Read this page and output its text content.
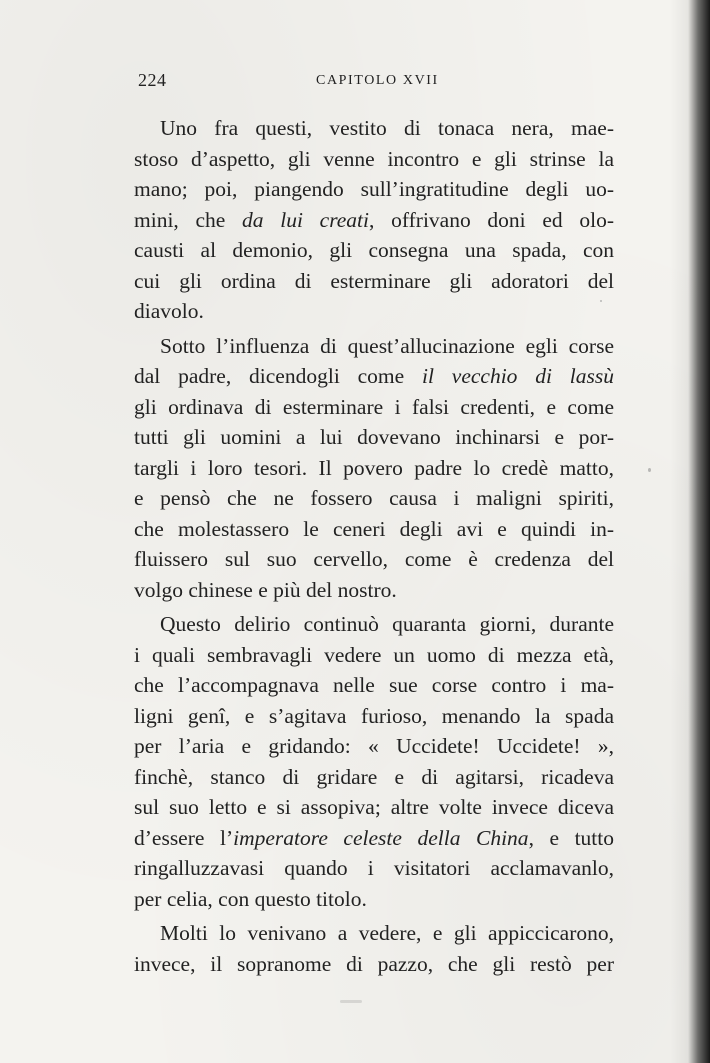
224	CAPITOLO XVII
Uno fra questi, vestito di tonaca nera, mae-
stoso d’aspetto, gli venne incontro e gli strinse la
mano; poi, piangendo sull’ingratitudine degli uo-
mini, che da lui creati, offrivano doni ed olo-
causti al demonio, gli consegna una spada, con
cui gli ordina di esterminare gli adoratori del
diavolo.
Sotto l’influenza di quest’allucinazione egli corse
dal padre, dicendogli come il vecchio di lassù
gli ordinava di esterminare i falsi credenti, e come
tutti gli uomini a lui dovevano inchinarsi e por-
targli i loro tesori. Il povero padre lo credè matto,
e pensò che ne fossero causa i maligni spiriti,
che molestassero le ceneri degli avi e quindi in-
fluissero sul suo cervello, come è credenza del
volgo chinese e più del nostro.
Questo delirio continuò quaranta giorni, durante
i quali sembravagli vedere un uomo di mezza età,
che l’accompagnava nelle sue corse contro i ma-
ligni genî, e s’agitava furioso, menando la spada
per l’aria e gridando: « Uccidete! Uccidete! »,
finchè, stanco di gridare e di agitarsi, ricadeva
sul suo letto e si assopiva; altre volte invece diceva
d’essere l’imperatore celeste della China, e tutto
ringalluzzavasi quando i visitatori acclamavanlo,
per celia, con questo titolo.
Molti lo venivano a vedere, e gli appiccicarono,
invece, il sopranome di pazzo, che gli restò per
